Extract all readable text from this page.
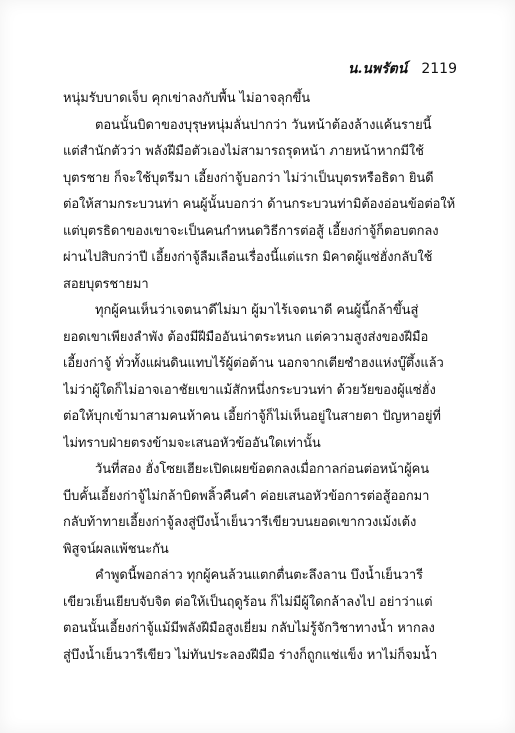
น.นพรัตน์ 2119
หนุ่มรับบาดเจ็บ คุกเข่าลงกับพื้น ไม่อาจลุกขึ้น
ตอนนั้นบิดาของบุรุษหนุ่มลั่นปากว่า วันหน้าต้องล้างแค้นรายนี้
แต่สำนักตัวว่า พลังฝีมือตัวเองไม่สามารถรุดหน้า ภายหน้าหากมีใช้
บุตรชาย ก็จะใช้บุตรีมา เอี้ยงก่าจู้บอกว่า ไม่ว่าเป็นบุตรหรือธิดา ยินดี
ต่อให้สามกระบวนท่า คนผู้นั้นบอกว่า ด้านกระบวนท่ามิต้องอ่อนข้อต่อให้
แต่บุตรธิดาของเขาจะเป็นคนกำหนดวิธีการต่อสู้ เอี้ยงก่าจู้ก็ตอบตกลง
ผ่านไปสิบกว่าปี เอี้ยงก่าจู้ลืมเลือนเรื่องนี้แต่แรก มิคาดผู้แซ่ฮั่งกลับใช้
สอยบุตรชายมา
ทุกผู้คนเห็นว่าเจตนาดีไม่มา ผู้มาไร้เจตนาดี คนผู้นี้กล้าขึ้นสู่
ยอดเขาเพียงลำพัง ต้องมีฝีมืออันน่าตระหนก แต่ความสูงส่งของฝีมือ
เอี้ยงก่าจู้ ทั่วทั้งแผ่นดินแทบไร้ผู้ต่อต้าน นอกจากเตียซำฮงแห่งบู๊ตึ้งแล้ว
ไม่ว่าผู้ใดก็ไม่อาจเอาชัยเขาแม้สักหนึ่งกระบวนท่า ด้วยวัยของผู้แซ่ฮั่ง
ต่อให้บุกเข้ามาสามคนห้าคน เอี้ยก่าจู้ก็ไม่เห็นอยู่ในสายตา ปัญหาอยู่ที่
ไม่ทราบฝ่ายตรงข้ามจะเสนอหัวข้ออันใดเท่านั้น
วันที่สอง ฮั่งโซยเฮียะเปิดเผยข้อตกลงเมื่อกาลก่อนต่อหน้าผู้คน
บีบคั้นเอี้ยงก่าจู้ไม่กล้าบิดพลิ้วคืนคำ ค่อยเสนอหัวข้อการต่อสู้ออกมา
กลับท้าทายเอี้ยงก่าจู้ลงสู่บึงน้ำเย็นวารีเขียวบนยอดเขากวงเม้งเต้ง
พิสูจน์ผลแพ้ชนะกัน
คำพูดนี้พอกล่าว ทุกผู้คนล้วนแตกตื่นตะลึงลาน บึงน้ำเย็นวารี
เขียวเย็นเยียบจับจิต ต่อให้เป็นฤดูร้อน ก็ไม่มีผู้ใดกล้าลงไป อย่าว่าแต่
ตอนนั้นเอี้ยงก่าจู้แม้มีพลังฝีมือสูงเยี่ยม กลับไม่รู้จักวิชาทางน้ำ หากลง
สู่บึงน้ำเย็นวารีเขียว ไม่ทันประลองฝีมือ ร่างก็ถูกแช่แข็ง หาไม่ก็จมน้ำ
